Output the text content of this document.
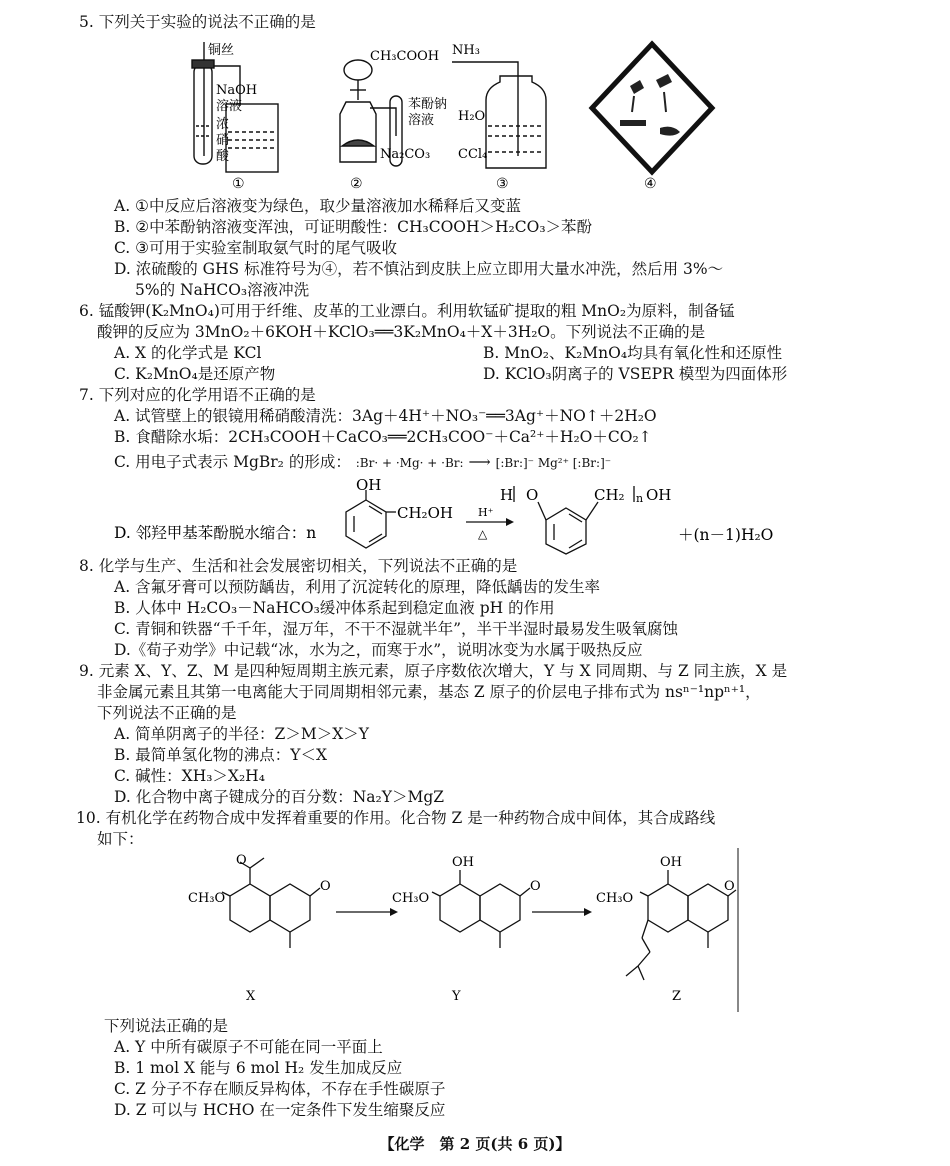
5. 下列关于实验的说法不正确的是
铜丝
NaOH
溶液
浓
硝
酸
CH₃COOH
苯酚钠
溶液
Na₂CO₃
NH₃
H₂O
CCl₄
①	②	③	④
A. ①中反应后溶液变为绿色，取少量溶液加水稀释后又变蓝
B. ②中苯酚钠溶液变浑浊，可证明酸性：CH₃COOH＞H₂CO₃＞苯酚
C. ③可用于实验室制取氨气时的尾气吸收
D. 浓硫酸的 GHS 标准符号为④，若不慎沾到皮肤上应立即用大量水冲洗，然后用 3%～
5%的 NaHCO₃溶液冲洗
6. 锰酸钾(K₂MnO₄)可用于纤维、皮革的工业漂白。利用软锰矿提取的粗 MnO₂为原料，制备锰
酸钾的反应为 3MnO₂＋6KOH＋KClO₃══3K₂MnO₄＋X＋3H₂O。下列说法不正确的是
A. X 的化学式是 KCl	B. MnO₂、K₂MnO₄均具有氧化性和还原性
C. K₂MnO₄是还原产物	D. KClO₃阴离子的 VSEPR 模型为四面体形
7. 下列对应的化学用语不正确的是
A. 试管壁上的银镜用稀硝酸清洗：3Ag＋4H⁺＋NO₃⁻══3Ag⁺＋NO↑＋2H₂O
B. 食醋除水垢：2CH₃COOH＋CaCO₃══2CH₃COO⁻＋Ca²⁺＋H₂O＋CO₂↑
C. 用电子式表示 MgBr₂ 的形成： :Br· + ·Mg· + ·Br: ⟶ [:Br:]⁻ Mg²⁺ [:Br:]⁻
D. 邻羟甲基苯酚脱水缩合：n
OH
CH₂OH H⁺
△
H O	CH₂ n OH
＋(n－1)H₂O
8. 化学与生产、生活和社会发展密切相关，下列说法不正确的是
A. 含氟牙膏可以预防龋齿，利用了沉淀转化的原理，降低龋齿的发生率
B. 人体中 H₂CO₃－NaHCO₃缓冲体系起到稳定血液 pH 的作用
C. 青铜和铁器“千千年，湿万年，不干不湿就半年”，半干半湿时最易发生吸氧腐蚀
D.《荀子劝学》中记载“冰，水为之，而寒于水”，说明冰变为水属于吸热反应
9. 元素 X、Y、Z、M 是四种短周期主族元素，原子序数依次增大，Y 与 X 同周期、与 Z 同主族，X 是
非金属元素且其第一电离能大于同周期相邻元素，基态 Z 原子的价层电子排布式为 nsⁿ⁻¹npⁿ⁺¹，
下列说法不正确的是
A. 简单阴离子的半径：Z＞M＞X＞Y
B. 最简单氢化物的沸点：Y＜X
C. 碱性：XH₃＞X₂H₄
D. 化合物中离子键成分的百分数：Na₂Y＞MgZ
10. 有机化学在药物合成中发挥着重要的作用。化合物 Z 是一种药物合成中间体，其合成路线
如下：
O
CH₃O
O
X
OH
CH₃O
O
Y
OH
CH₃O
O
Z
下列说法正确的是
A. Y 中所有碳原子不可能在同一平面上
B. 1 mol X 能与 6 mol H₂ 发生加成反应
C. Z 分子不存在顺反异构体，不存在手性碳原子
D. Z 可以与 HCHO 在一定条件下发生缩聚反应
【化学　第 2 页(共 6 页)】
